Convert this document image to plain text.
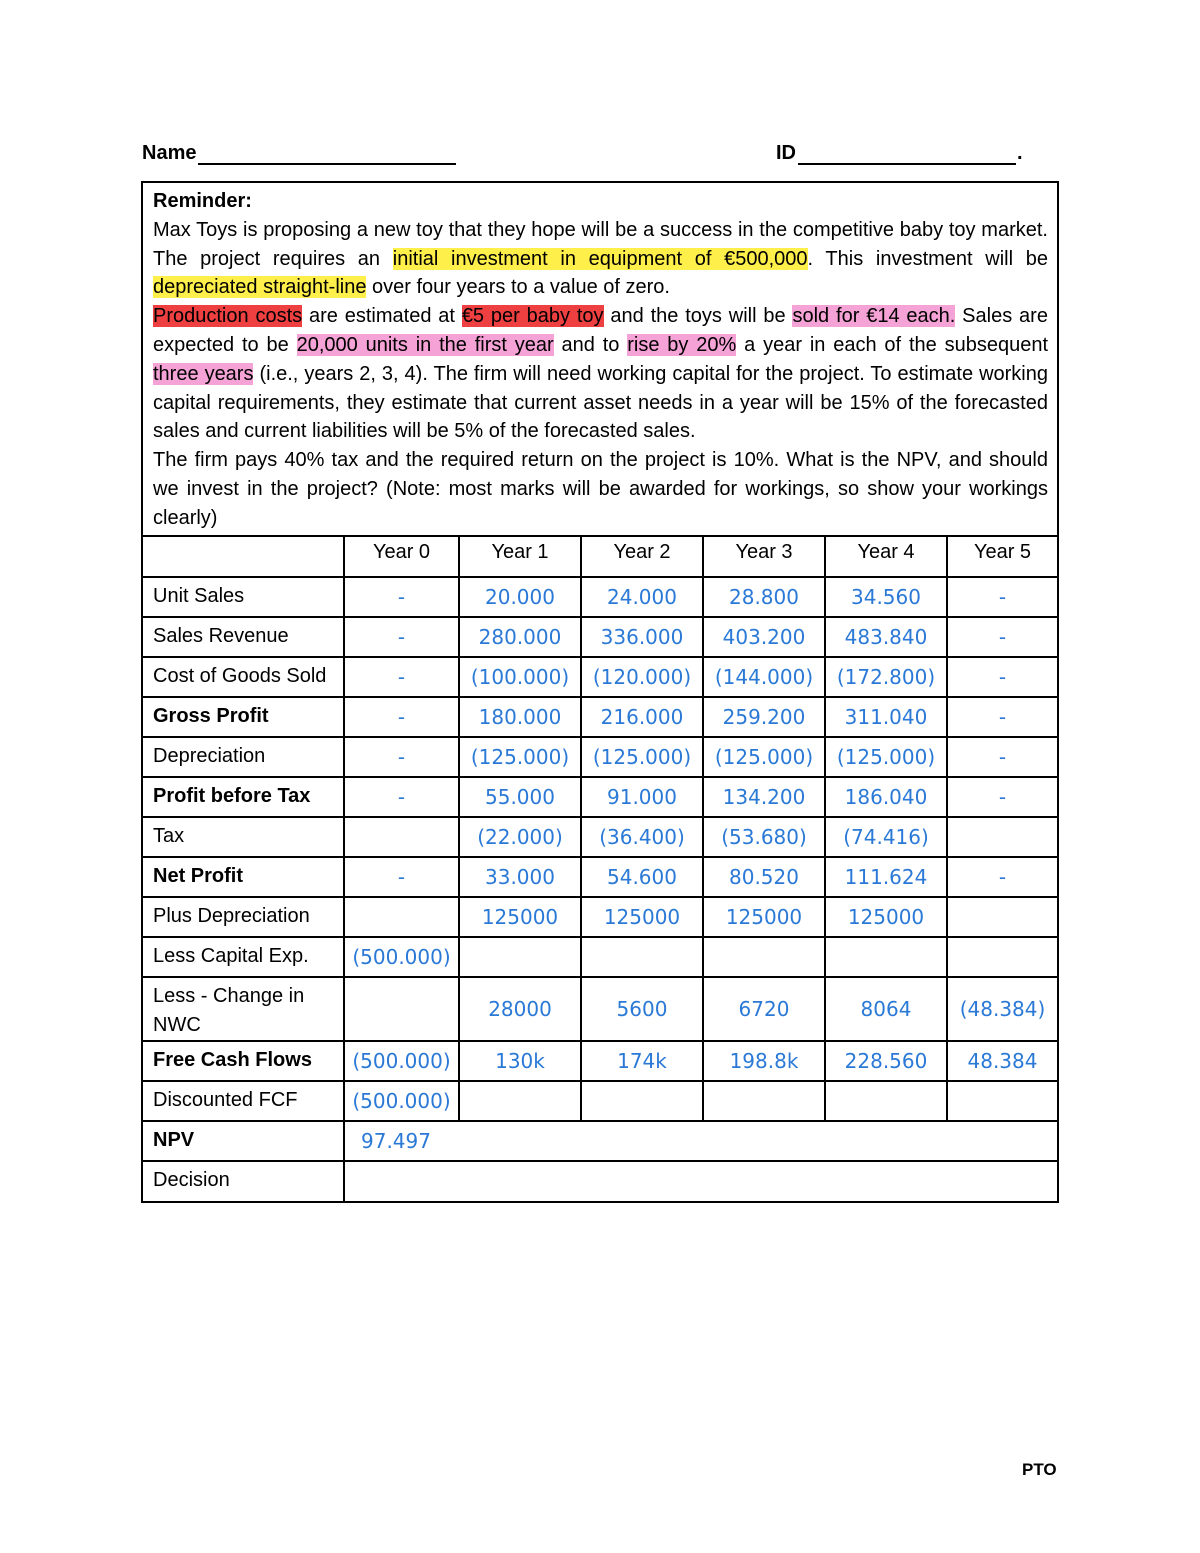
Name	ID	.
Reminder:
Max Toys is proposing a new toy that they hope will be a success in the competitive baby toy market. The project requires an initial investment in equipment of €500,000. This investment will be depreciated straight-line over four years to a value of zero.
Production costs are estimated at €5 per baby toy and the toys will be sold for €14 each. Sales are expected to be 20,000 units in the first year and to rise by 20% a year in each of the subsequent three years (i.e., years 2, 3, 4). The firm will need working capital for the project. To estimate working capital requirements, they estimate that current asset needs in a year will be 15% of the forecasted sales and current liabilities will be 5% of the forecasted sales.
The firm pays 40% tax and the required return on the project is 10%. What is the NPV, and should we invest in the project? (Note: most marks will be awarded for workings, so show your workings clearly)
	Year 0	Year 1	Year 2	Year 3	Year 4	Year 5
Unit Sales	-	20.000	24.000	28.800	34.560	-
Sales Revenue	-	280.000	336.000	403.200	483.840	-
Cost of Goods Sold	-	(100.000)	(120.000)	(144.000)	(172.800)	-
Gross Profit	-	180.000	216.000	259.200	311.040	-
Depreciation	-	(125.000)	(125.000)	(125.000)	(125.000)	-
Profit before Tax	-	55.000	91.000	134.200	186.040	-
Tax		(22.000)	(36.400)	(53.680)	(74.416)	
Net Profit	-	33.000	54.600	80.520	111.624	-
Plus Depreciation		125000	125000	125000	125000	
Less Capital Exp.	(500.000)					
Less - Change in NWC		28000	5600	6720	8064	(48.384)
Free Cash Flows	(500.000)	130k	174k	198.8k	228.560	48.384
Discounted FCF	(500.000)					
NPV	97.497					
Decision						
PTO
